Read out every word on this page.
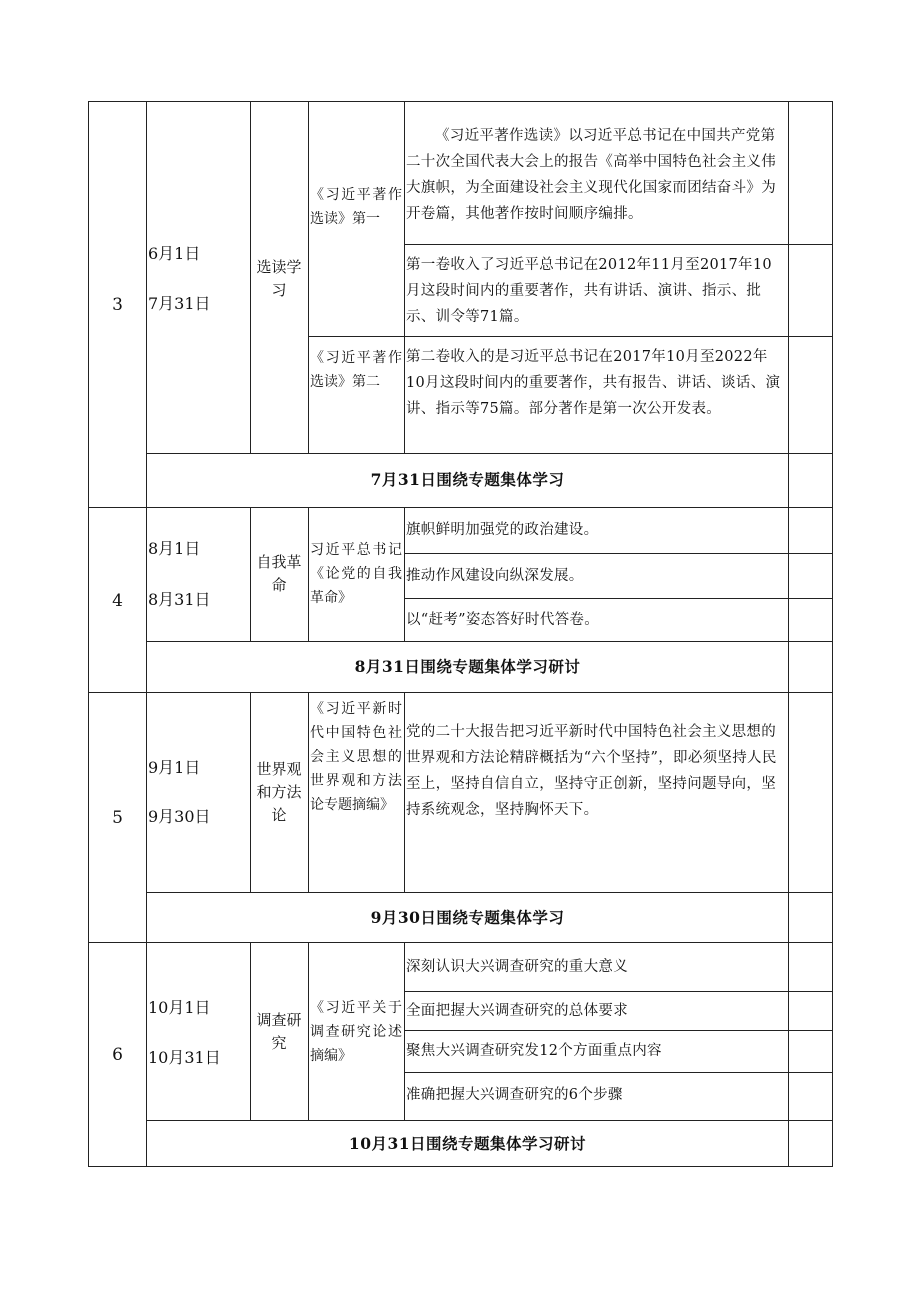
3
6月1日
7月31日
选读学习
《习近平著作选读》第一
《习近平著作选读》以习近平总书记在中国共产党第二十次全国代表大会上的报告《高举中国特色社会主义伟大旗帜，为全面建设社会主义现代化国家而团结奋斗》为开卷篇，其他著作按时间顺序编排。
第一卷收入了习近平总书记在2012年11月至2017年10月这段时间内的重要著作，共有讲话、演讲、指示、批示、训令等71篇。
《习近平著作选读》第二
第二卷收入的是习近平总书记在2017年10月至2022年10月这段时间内的重要著作，共有报告、讲话、谈话、演讲、指示等75篇。部分著作是第一次公开发表。
7月31日围绕专题集体学习
4
8月1日
8月31日
自我革命
习近平总书记《论党的自我革命》
旗帜鲜明加强党的政治建设。
推动作风建设向纵深发展。
以“赶考”姿态答好时代答卷。
8月31日围绕专题集体学习研讨
5
9月1日
9月30日
世界观和方法论
《习近平新时代中国特色社会主义思想的世界观和方法论专题摘编》
党的二十大报告把习近平新时代中国特色社会主义思想的世界观和方法论精辟概括为“六个坚持”，即必须坚持人民至上，坚持自信自立，坚持守正创新，坚持问题导向，坚持系统观念，坚持胸怀天下。
9月30日围绕专题集体学习
6
10月1日
10月31日
调查研究
《习近平关于调查研究论述摘编》
深刻认识大兴调查研究的重大意义
全面把握大兴调查研究的总体要求
聚焦大兴调查研究发12个方面重点内容
准确把握大兴调查研究的6个步骤
10月31日围绕专题集体学习研讨
